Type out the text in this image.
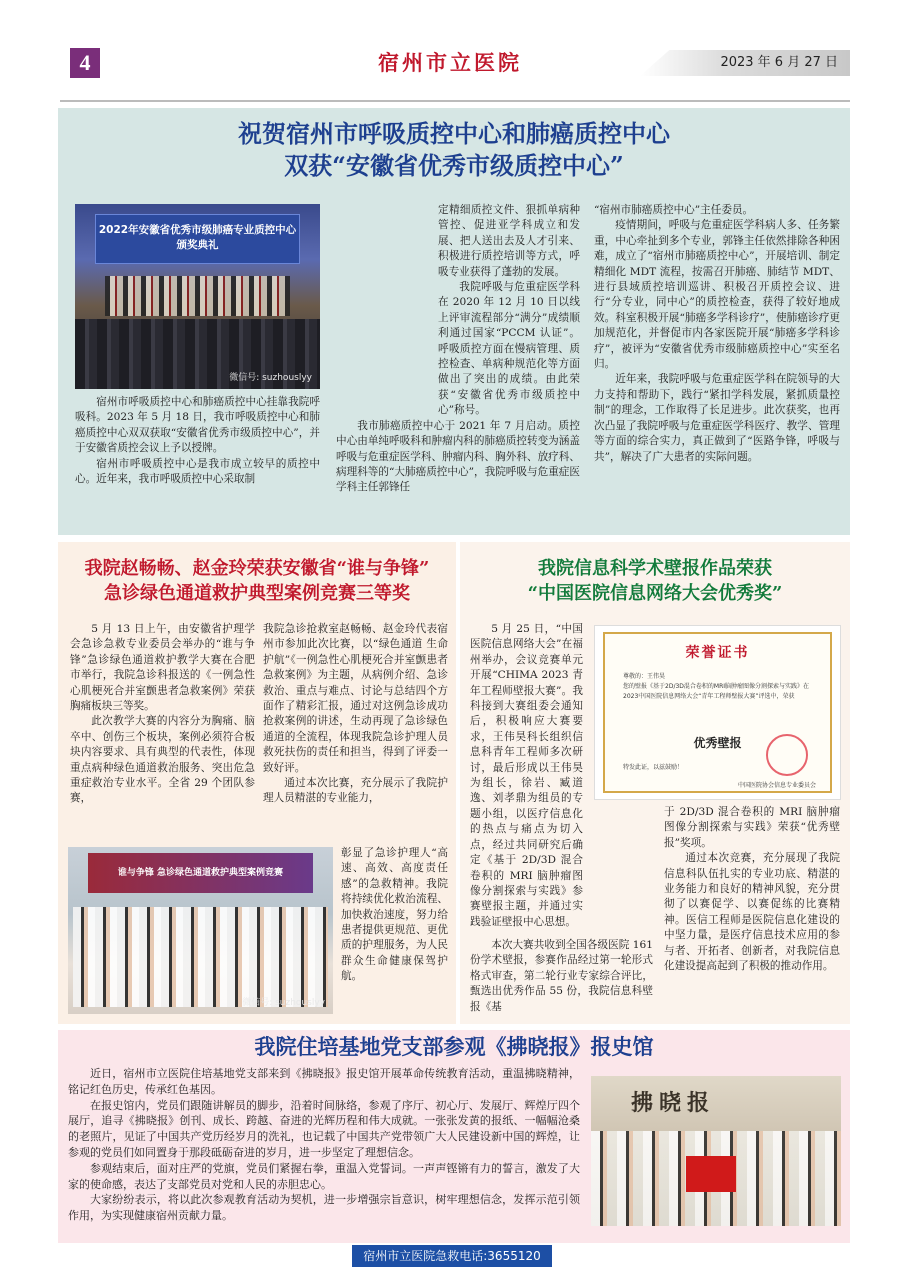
4	宿州市立医院	2023 年 6 月 27 日
祝贺宿州市呼吸质控中心和肺癌质控中心
双获“安徽省优秀市级质控中心”
2022年安徽省优秀市级肺癌专业质控中心颁奖典礼
微信号: suzhouslyy

宿州市呼吸质控中心和肺癌质控中心挂靠我院呼吸科。2023 年 5 月 18 日，我市呼吸质控中心和肺癌质控中心双双获取“安徽省优秀市级质控中心”，并于安徽省质控会议上予以授牌。

宿州市呼吸质控中心是我市成立较早的质控中心。近年来，我市呼吸质控中心采取制

定精细质控文件、狠抓单病种管控、促进亚学科成立和发展、把人送出去及人才引来、积极进行质控培训等方式，呼吸专业获得了蓬勃的发展。

我院呼吸与危重症医学科在 2020 年 12 月 10 日以线上评审流程部分“满分”成绩顺利通过国家“PCCM 认证”。呼吸质控方面在慢病管理、质控检查、单病种规范化等方面做出了突出的成绩。由此荣获“安徽省优秀市级质控中心”称号。

我市肺癌质控中心于 2021 年 7 月启动。质控中心由单纯呼吸科和肿瘤内科的肺癌质控转变为涵盖呼吸与危重症医学科、肿瘤内科、胸外科、放疗科、病理科等的“大肺癌质控中心”，我院呼吸与危重症医学科主任郭锋任

“宿州市肺癌质控中心”主任委员。

疫情期间，呼吸与危重症医学科病人多、任务繁重，中心牵扯到多个专业，郭锋主任依然排除各种困难，成立了“宿州市肺癌质控中心”，开展培训、制定精细化 MDT 流程，按需召开肺癌、肺结节 MDT、进行县域质控培训巡讲、积极召开质控会议、进行“分专业，同中心”的质控检查，获得了较好地成效。科室积极开展“肺癌多学科诊疗”，使肺癌诊疗更加规范化，并督促市内各家医院开展“肺癌多学科诊疗”，被评为“安徽省优秀市级肺癌质控中心”实至名归。

近年来，我院呼吸与危重症医学科在院领导的大力支持和帮助下，践行“紧扣学科发展，紧抓质量控制”的理念，工作取得了长足进步。此次获奖，也再次凸显了我院呼吸与危重症医学科医疗、教学、管理等方面的综合实力，真正做到了“医路争锋，呼吸与共”，解决了广大患者的实际问题。

我院赵畅畅、赵金玲荣获安徽省“谁与争锋”
急诊绿色通道救护典型案例竞赛三等奖

5 月 13 日上午，由安徽省护理学会急诊急救专业委员会举办的“谁与争锋”急诊绿色通道救护教学大赛在合肥市举行，我院急诊科报送的《一例急性心肌梗死合并室颤患者急救案例》荣获胸痛板块三等奖。

此次教学大赛的内容分为胸痛、脑卒中、创伤三个板块，案例必须符合板块内容要求、具有典型的代表性，体现重点病种绿色通道救治服务、突出危急重症救治专业水平。全省 29 个团队参赛，

我院急诊抢救室赵畅畅、赵金玲代表宿州市参加此次比赛，以“绿色通道 生命护航”《一例急性心肌梗死合并室颤患者急救案例》为主题，从病例介绍、急诊救治、重点与难点、讨论与总结四个方面作了精彩汇报，通过对这例急诊成功抢救案例的讲述，生动再现了急诊绿色通道的全流程，体现我院急诊护理人员救死扶伤的责任和担当，得到了评委一致好评。

通过本次比赛，充分展示了我院护理人员精湛的专业能力，

彰显了急诊护理人“高速、高效、高度责任感”的急救精神。我院将持续优化救治流程、加快救治速度，努力给患者提供更规范、更优质的护理服务，为人民群众生命健康保驾护航。

谁与争锋 急诊绿色通道救护典型案例竞赛
微信号: suzhouslyy
我院信息科学术壁报作品荣获
“中国医院信息网络大会优秀奖”

5 月 25 日，“中国医院信息网络大会”在福州举办，会议竞赛单元开展“CHIMA 2023 青年工程师壁报大赛”。我科接到大赛组委会通知后，积极响应大赛要求，王伟昊科长组织信息科青年工程师多次研讨，最后形成以王伟昊为组长，徐岩、臧道逸、刘孝鼎为组员的专题小组，以医疗信息化的热点与痛点为切入点，经过共同研究后确定《基于 2D/3D 混合卷积的 MRI 脑肿瘤图像分割探索与实践》参赛壁报主题，并通过实践验证壁报中心思想。

本次大赛共收到全国各级医院 161 份学术壁报，参赛作品经过第一轮形式格式审查，第二轮行业专家综合评比，甄选出优秀作品 55 份，我院信息科壁报《基

于 2D/3D 混合卷积的 MRI 脑肿瘤图像分割探索与实践》荣获“优秀壁报”奖项。

通过本次竞赛，充分展现了我院信息科队伍扎实的专业功底、精湛的业务能力和良好的精神风貌，充分贯彻了以赛促学、以赛促练的比赛精神。医信工程师是医院信息化建设的中坚力量，是医疗信息技术应用的参与者、开拓者、创新者，对我院信息化建设提高起到了积极的推动作用。

荣誉证书
尊敬的：王伟昊
您的壁报《基于2D/3D混合卷积的MRI脑肿瘤图像分割探索与实践》在2023中国医院信息网络大会“青年工程师壁报大赛”评选中，荣获
优秀壁报
特发此证，以兹鼓励！
中国医院协会信息专业委员会
我院住培基地党支部参观《拂晓报》报史馆

近日，宿州市立医院住培基地党支部来到《拂晓报》报史馆开展革命传统教育活动，重温拂晓精神，铭记红色历史，传承红色基因。

在报史馆内，党员们跟随讲解员的脚步，沿着时间脉络，参观了序厅、初心厅、发展厅、辉煌厅四个展厅，追寻《拂晓报》创刊、成长、跨越、奋进的光辉历程和伟大成就。一张张发黄的报纸、一幅幅沧桑的老照片，见证了中国共产党历经岁月的洗礼，也记载了中国共产党带领广大人民建设新中国的辉煌，让参观的党员们如同置身于那段砥砺奋进的岁月，进一步坚定了理想信念。

参观结束后，面对庄严的党旗，党员们紧握右拳，重温入党誓词。一声声铿锵有力的誓言，激发了大家的使命感，表达了支部党员对党和人民的赤胆忠心。

大家纷纷表示，将以此次参观教育活动为契机，进一步增强宗旨意识，树牢理想信念，发挥示范引领作用，为实现健康宿州贡献力量。

拂晓报
宿州市立医院急救电话:3655120
